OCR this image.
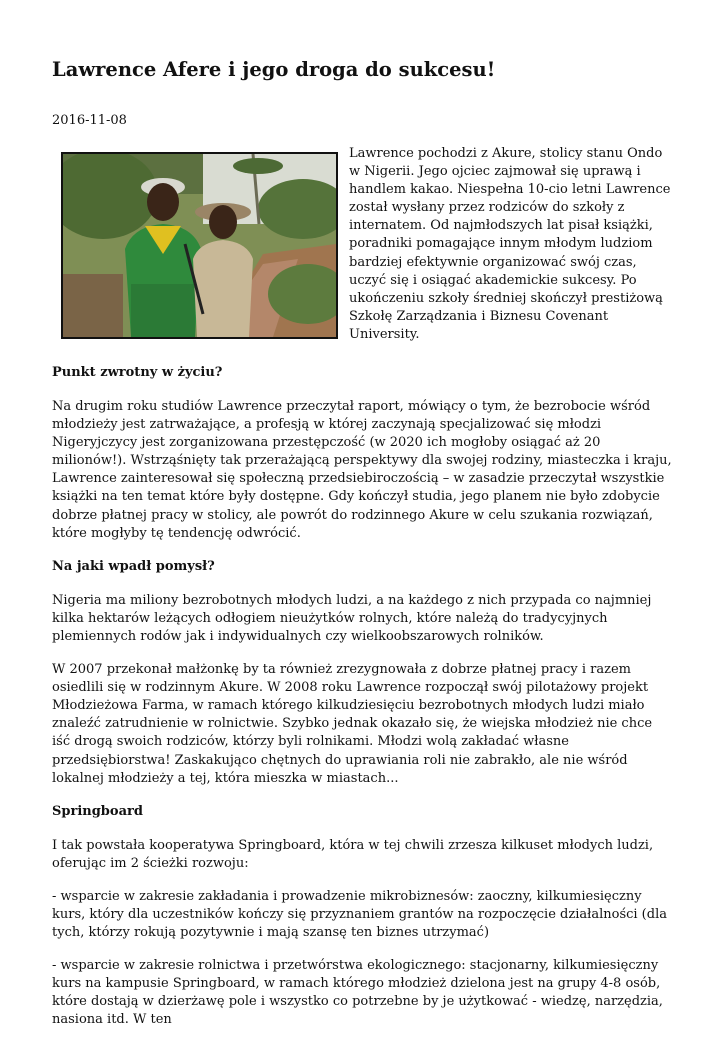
Lawrence Afere i jego droga do sukcesu!
2016-11-08

Lawrence pochodzi z Akure, stolicy stanu Ondo w Nigerii. Jego ojciec zajmował się uprawą i handlem kakao. Niespełna 10-cio letni Lawrence został wysłany przez rodziców do szkoły z internatem. Od najmłodszych lat pisał książki, poradniki pomagające innym młodym ludziom bardziej efektywnie organizować swój czas, uczyć się i osiągać akademickie sukcesy. Po ukończeniu szkoły średniej skończył prestiżową Szkołę Zarządzania i Biznesu Covenant University.

Punkt zwrotny w życiu?

Na drugim roku studiów Lawrence przeczytał raport, mówiący o tym, że bezrobocie wśród młodzieży jest zatrważające, a profesją w której zaczynają specjalizować się młodzi Nigeryjczycy jest zorganizowana przestępczość (w 2020 ich mogłoby osiągać aż 20 milionów!). Wstrząśnięty tak przerażającą perspektywy dla swojej rodziny, miasteczka i kraju, Lawrence zainteresował się społeczną przedsiebiroczością – w zasadzie przeczytał wszystkie książki na ten temat które były dostępne. Gdy kończył studia, jego planem nie było zdobycie dobrze płatnej pracy w stolicy, ale powrót do rodzinnego Akure w celu szukania rozwiązań, które mogłyby tę tendencję odwrócić.

Na jaki wpadł pomysł?

Nigeria ma miliony bezrobotnych młodych ludzi, a na każdego z nich przypada co najmniej kilka hektarów leżących odłogiem nieużytków rolnych, które należą do tradycyjnych plemiennych rodów jak i indywidualnych czy wielkoobszarowych rolników.

W 2007 przekonał małżonkę by ta również zrezygnowała z dobrze płatnej pracy i razem osiedlili się w rodzinnym Akure. W 2008 roku Lawrence rozpoczął swój pilotażowy projekt Młodzieżowa Farma, w ramach którego kilkudziesięciu bezrobotnych młodych ludzi miało znaleźć zatrudnienie w rolnictwie. Szybko jednak okazało się, że wiejska młodzież nie chce iść drogą swoich rodziców, którzy byli rolnikami. Młodzi wolą zakładać własne przedsiębiorstwa! Zaskakująco chętnych do uprawiania roli nie zabrakło, ale nie wśród lokalnej młodzieży a tej, która mieszka w miastach...

Springboard

I tak powstała kooperatywa Springboard, która w tej chwili zrzesza kilkuset młodych ludzi, oferując im 2 ścieżki rozwoju:

- wsparcie w zakresie zakładania i prowadzenie mikrobiznesów: zaoczny, kilkumiesięczny kurs, który dla uczestników kończy się przyznaniem grantów na rozpoczęcie działalności (dla tych, którzy rokują pozytywnie i mają szansę ten biznes utrzymać)

- wsparcie w zakresie rolnictwa i przetwórstwa ekologicznego: stacjonarny, kilkumiesięczny kurs na kampusie Springboard, w ramach którego młodzież dzielona jest na grupy 4-8 osób, które dostają w dzierżawę pole i wszystko co potrzebne by je użytkować - wiedzę, narzędzia, nasiona itd. W ten
